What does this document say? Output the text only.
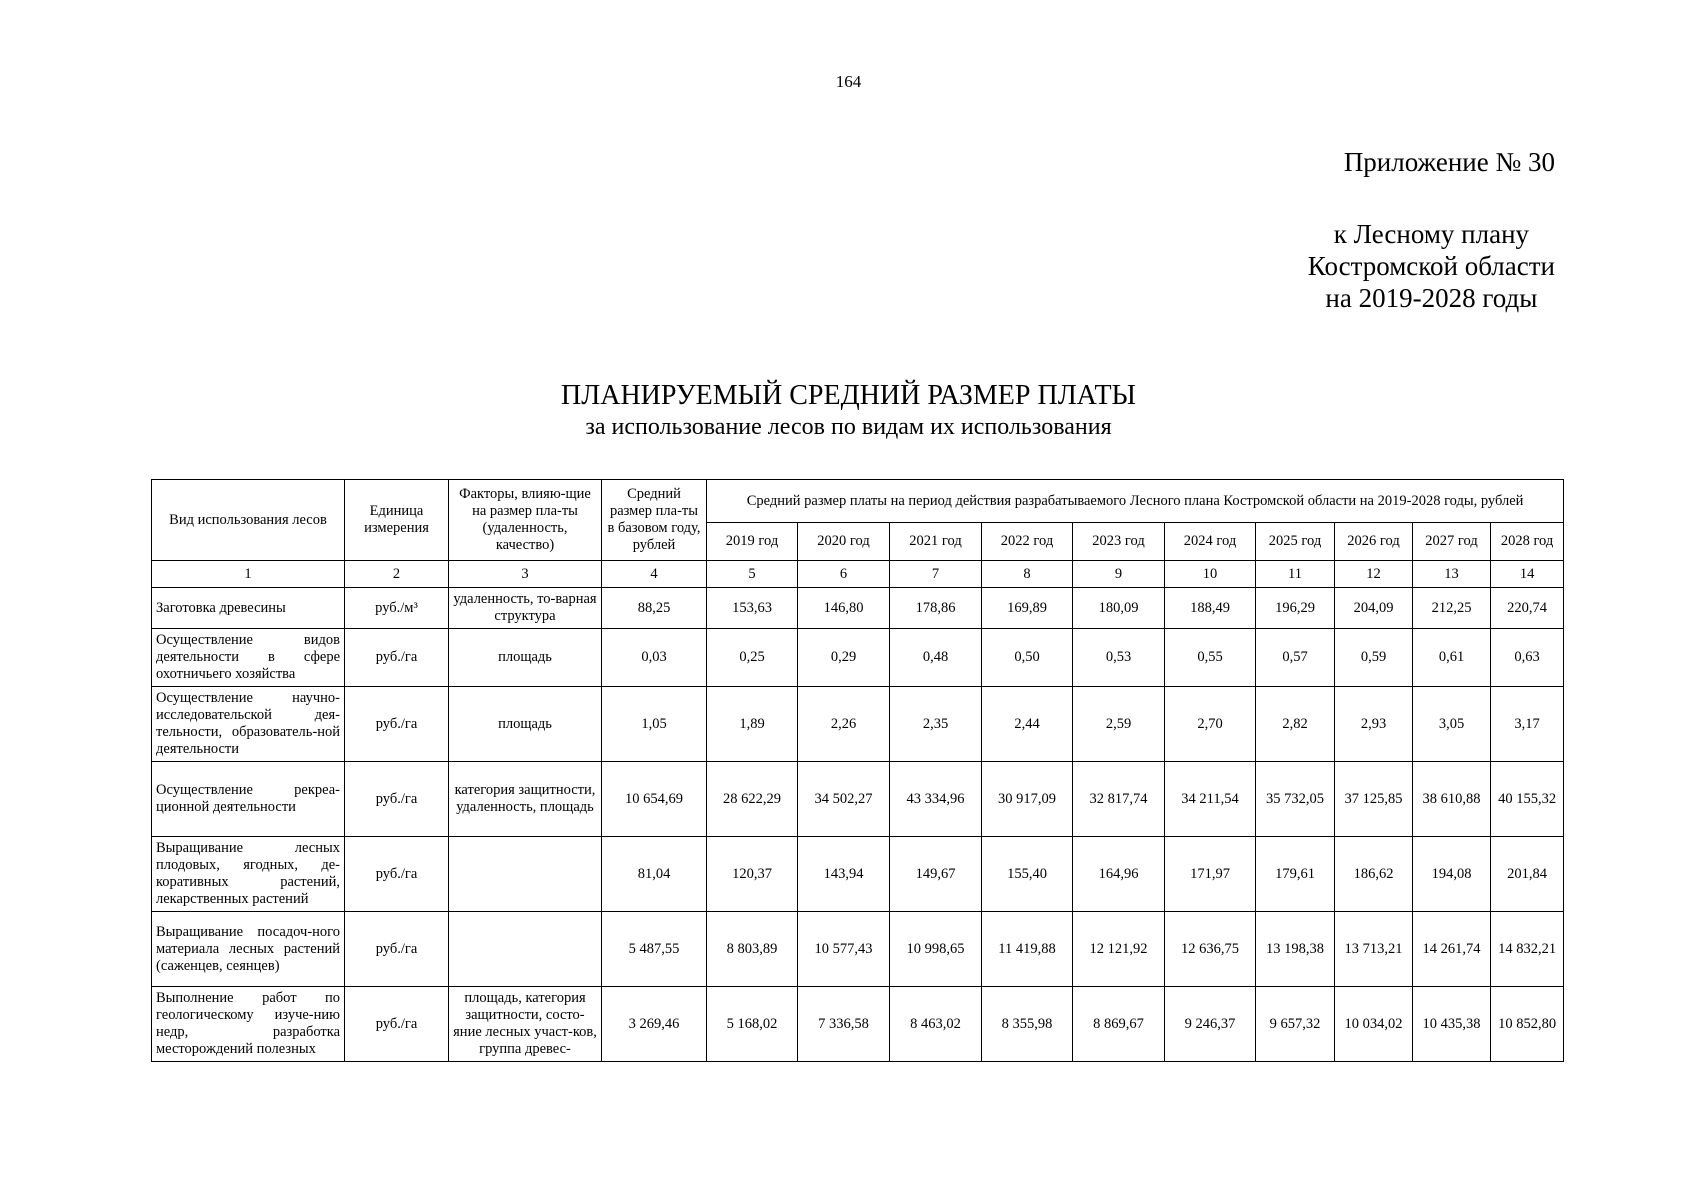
164
Приложение № 30
к Лесному плану
Костромской области
на 2019-2028 годы
ПЛАНИРУЕМЫЙ СРЕДНИЙ РАЗМЕР ПЛАТЫ
за использование лесов по видам их использования
Вид использования лесов	Единица измерения	Факторы, влияю-щие на размер пла-ты (удаленность, качество)	Средний размер пла-ты в базовом году, рублей	Средний размер платы на период действия разрабатываемого Лесного плана Костромской области на 2019-2028 годы, рублей									
				2019 год	2020 год	2021 год	2022 год	2023 год	2024 год	2025 год	2026 год	2027 год	2028 год
1	2	3	4	5	6	7	8	9	10	11	12	13	14
Заготовка древесины	руб./м³	удаленность, то-варная структура	88,25	153,63	146,80	178,86	169,89	180,09	188,49	196,29	204,09	212,25	220,74
Осуществление видов деятельности в сфере охотничьего хозяйства	руб./га	площадь	0,03	0,25	0,29	0,48	0,50	0,53	0,55	0,57	0,59	0,61	0,63
Осуществление научно-исследовательской дея-тельности, образователь-ной деятельности	руб./га	площадь	1,05	1,89	2,26	2,35	2,44	2,59	2,70	2,82	2,93	3,05	3,17
Осуществление рекреа-ционной деятельности	руб./га	категория защитности, удаленность, площадь	10 654,69	28 622,29	34 502,27	43 334,96	30 917,09	32 817,74	34 211,54	35 732,05	37 125,85	38 610,88	40 155,32
Выращивание лесных плодовых, ягодных, де-коративных растений, лекарственных растений	руб./га		81,04	120,37	143,94	149,67	155,40	164,96	171,97	179,61	186,62	194,08	201,84
Выращивание посадоч-ного материала лесных растений (саженцев, сеянцев)	руб./га		5 487,55	8 803,89	10 577,43	10 998,65	11 419,88	12 121,92	12 636,75	13 198,38	13 713,21	14 261,74	14 832,21
Выполнение работ по геологическому изуче-нию недр, разработка месторождений полезных	руб./га	площадь, категория защитности, состо-яние лесных участ-ков, группа древес-	3 269,46	5 168,02	7 336,58	8 463,02	8 355,98	8 869,67	9 246,37	9 657,32	10 034,02	10 435,38	10 852,80
